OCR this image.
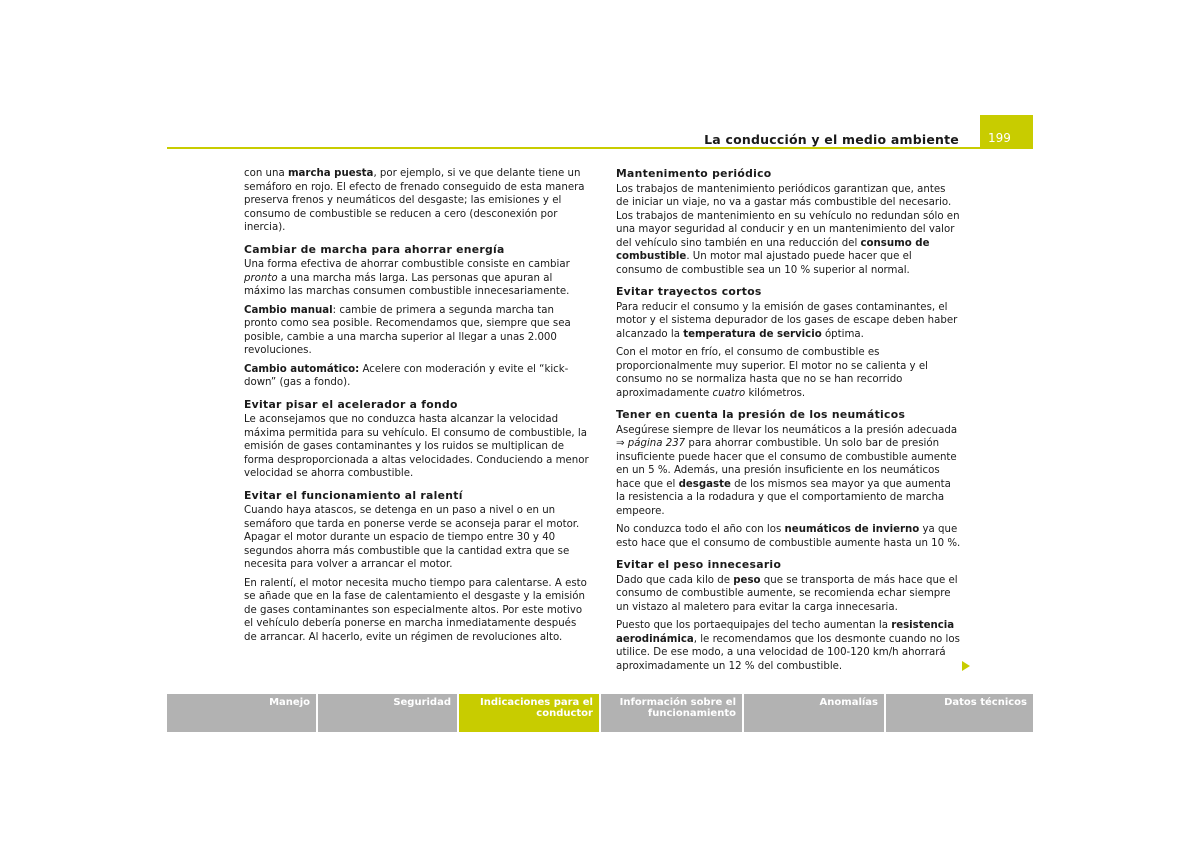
La conducción y el medio ambiente 199

con una marcha puesta, por ejemplo, si ve que delante tiene un semáforo en rojo. El efecto de frenado conseguido de esta manera preserva frenos y neumáticos del desgaste; las emisiones y el consumo de combustible se reducen a cero (desconexión por inercia).

Cambiar de marcha para ahorrar energía

Una forma efectiva de ahorrar combustible consiste en cambiar pronto a una marcha más larga. Las personas que apuran al máximo las marchas consumen combustible innecesariamente.

Cambio manual: cambie de primera a segunda marcha tan pronto como sea posible. Recomendamos que, siempre que sea posible, cambie a una marcha superior al llegar a unas 2.000 revoluciones.

Cambio automático: Acelere con moderación y evite el “kick-down” (gas a fondo).

Evitar pisar el acelerador a fondo

Le aconsejamos que no conduzca hasta alcanzar la velocidad máxima permitida para su vehículo. El consumo de combustible, la emisión de gases contaminantes y los ruidos se multiplican de forma desproporcionada a altas velocidades. Conduciendo a menor velocidad se ahorra combustible.

Evitar el funcionamiento al ralentí

Cuando haya atascos, se detenga en un paso a nivel o en un semáforo que tarda en ponerse verde se aconseja parar el motor. Apagar el motor durante un espacio de tiempo entre 30 y 40 segundos ahorra más combustible que la cantidad extra que se necesita para volver a arrancar el motor.

En ralentí, el motor necesita mucho tiempo para calentarse. A esto se añade que en la fase de calentamiento el desgaste y la emisión de gases contaminantes son especialmente altos. Por este motivo el vehículo debería ponerse en marcha inmediatamente después de arrancar. Al hacerlo, evite un régimen de revoluciones alto.

Mantenimento periódico

Los trabajos de mantenimiento periódicos garantizan que, antes de iniciar un viaje, no va a gastar más combustible del necesario. Los trabajos de mantenimiento en su vehículo no redundan sólo en una mayor seguridad al conducir y en un mantenimiento del valor del vehículo sino también en una reducción del consumo de combustible. Un motor mal ajustado puede hacer que el consumo de combustible sea un 10 % superior al normal.

Evitar trayectos cortos

Para reducir el consumo y la emisión de gases contaminantes, el motor y el sistema depurador de los gases de escape deben haber alcanzado la temperatura de servicio óptima.

Con el motor en frío, el consumo de combustible es proporcionalmente muy superior. El motor no se calienta y el consumo no se normaliza hasta que no se han recorrido aproximadamente cuatro kilómetros.

Tener en cuenta la presión de los neumáticos

Asegúrese siempre de llevar los neumáticos a la presión adecuada ⇒ página 237 para ahorrar combustible. Un solo bar de presión insuficiente puede hacer que el consumo de combustible aumente en un 5 %. Además, una presión insuficiente en los neumáticos hace que el desgaste de los mismos sea mayor ya que aumenta la resistencia a la rodadura y que el comportamiento de marcha empeore.

No conduzca todo el año con los neumáticos de invierno ya que esto hace que el consumo de combustible aumente hasta un 10 %.

Evitar el peso innecesario

Dado que cada kilo de peso que se transporta de más hace que el consumo de combustible aumente, se recomienda echar siempre un vistazo al maletero para evitar la carga innecesaria.

Puesto que los portaequipajes del techo aumentan la resistencia aerodinámica, le recomendamos que los desmonte cuando no los utilice. De ese modo, a una velocidad de 100-120 km/h ahorrará aproximadamente un 12 % del combustible.

Manejo	Seguridad	Indicaciones para el conductor
Información sobre el funcionamiento
Anomalías	Datos técnicos
